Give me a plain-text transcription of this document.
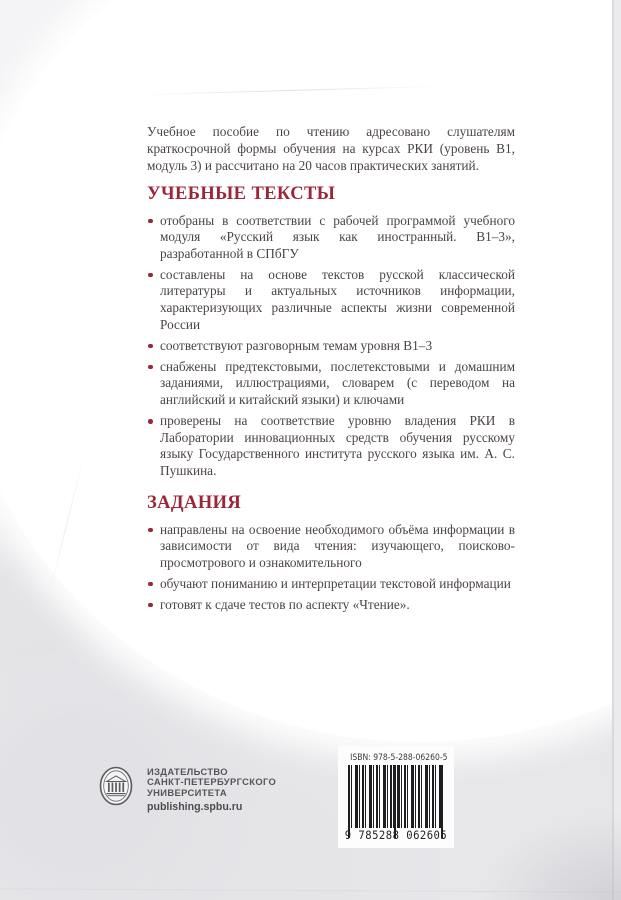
Учебное пособие по чтению адресовано слушателям краткосрочной формы обучения на курсах РКИ (уровень В1, модуль 3) и рассчитано на 20 часов практических занятий.

УЧЕБНЫЕ ТЕКСТЫ
отобраны в соответствии с рабочей программой учебного модуля «Русский язык как иностранный. В1–3», разработанной в СПбГУ
составлены на основе текстов русской классической литературы и актуальных источников информации, характеризующих различные аспекты жизни современной России
соответствуют разговорным темам уровня В1–3
снабжены предтекстовыми, послетекстовыми и домашним заданиями, иллюстрациями, словарем (с переводом на английский и китайский языки) и ключами
проверены на соответствие уровню владения РКИ в Лаборатории инновационных средств обучения русскому языку Государственного института русского языка им. А. С. Пушкина.
ЗАДАНИЯ
направлены на освоение необходимого объёма информации в зависимости от вида чтения: изучающего, поисково-просмотрового и ознакомительного
обучают пониманию и интерпретации текстовой информации
готовят к сдаче тестов по аспекту «Чтение».
ИЗДАТЕЛЬСТВО
САНКТ-ПЕТЕРБУРГСКОГО
УНИВЕРСИТЕТА
publishing.spbu.ru
ISBN: 978-5-288-06260-5
9 785288 062605
